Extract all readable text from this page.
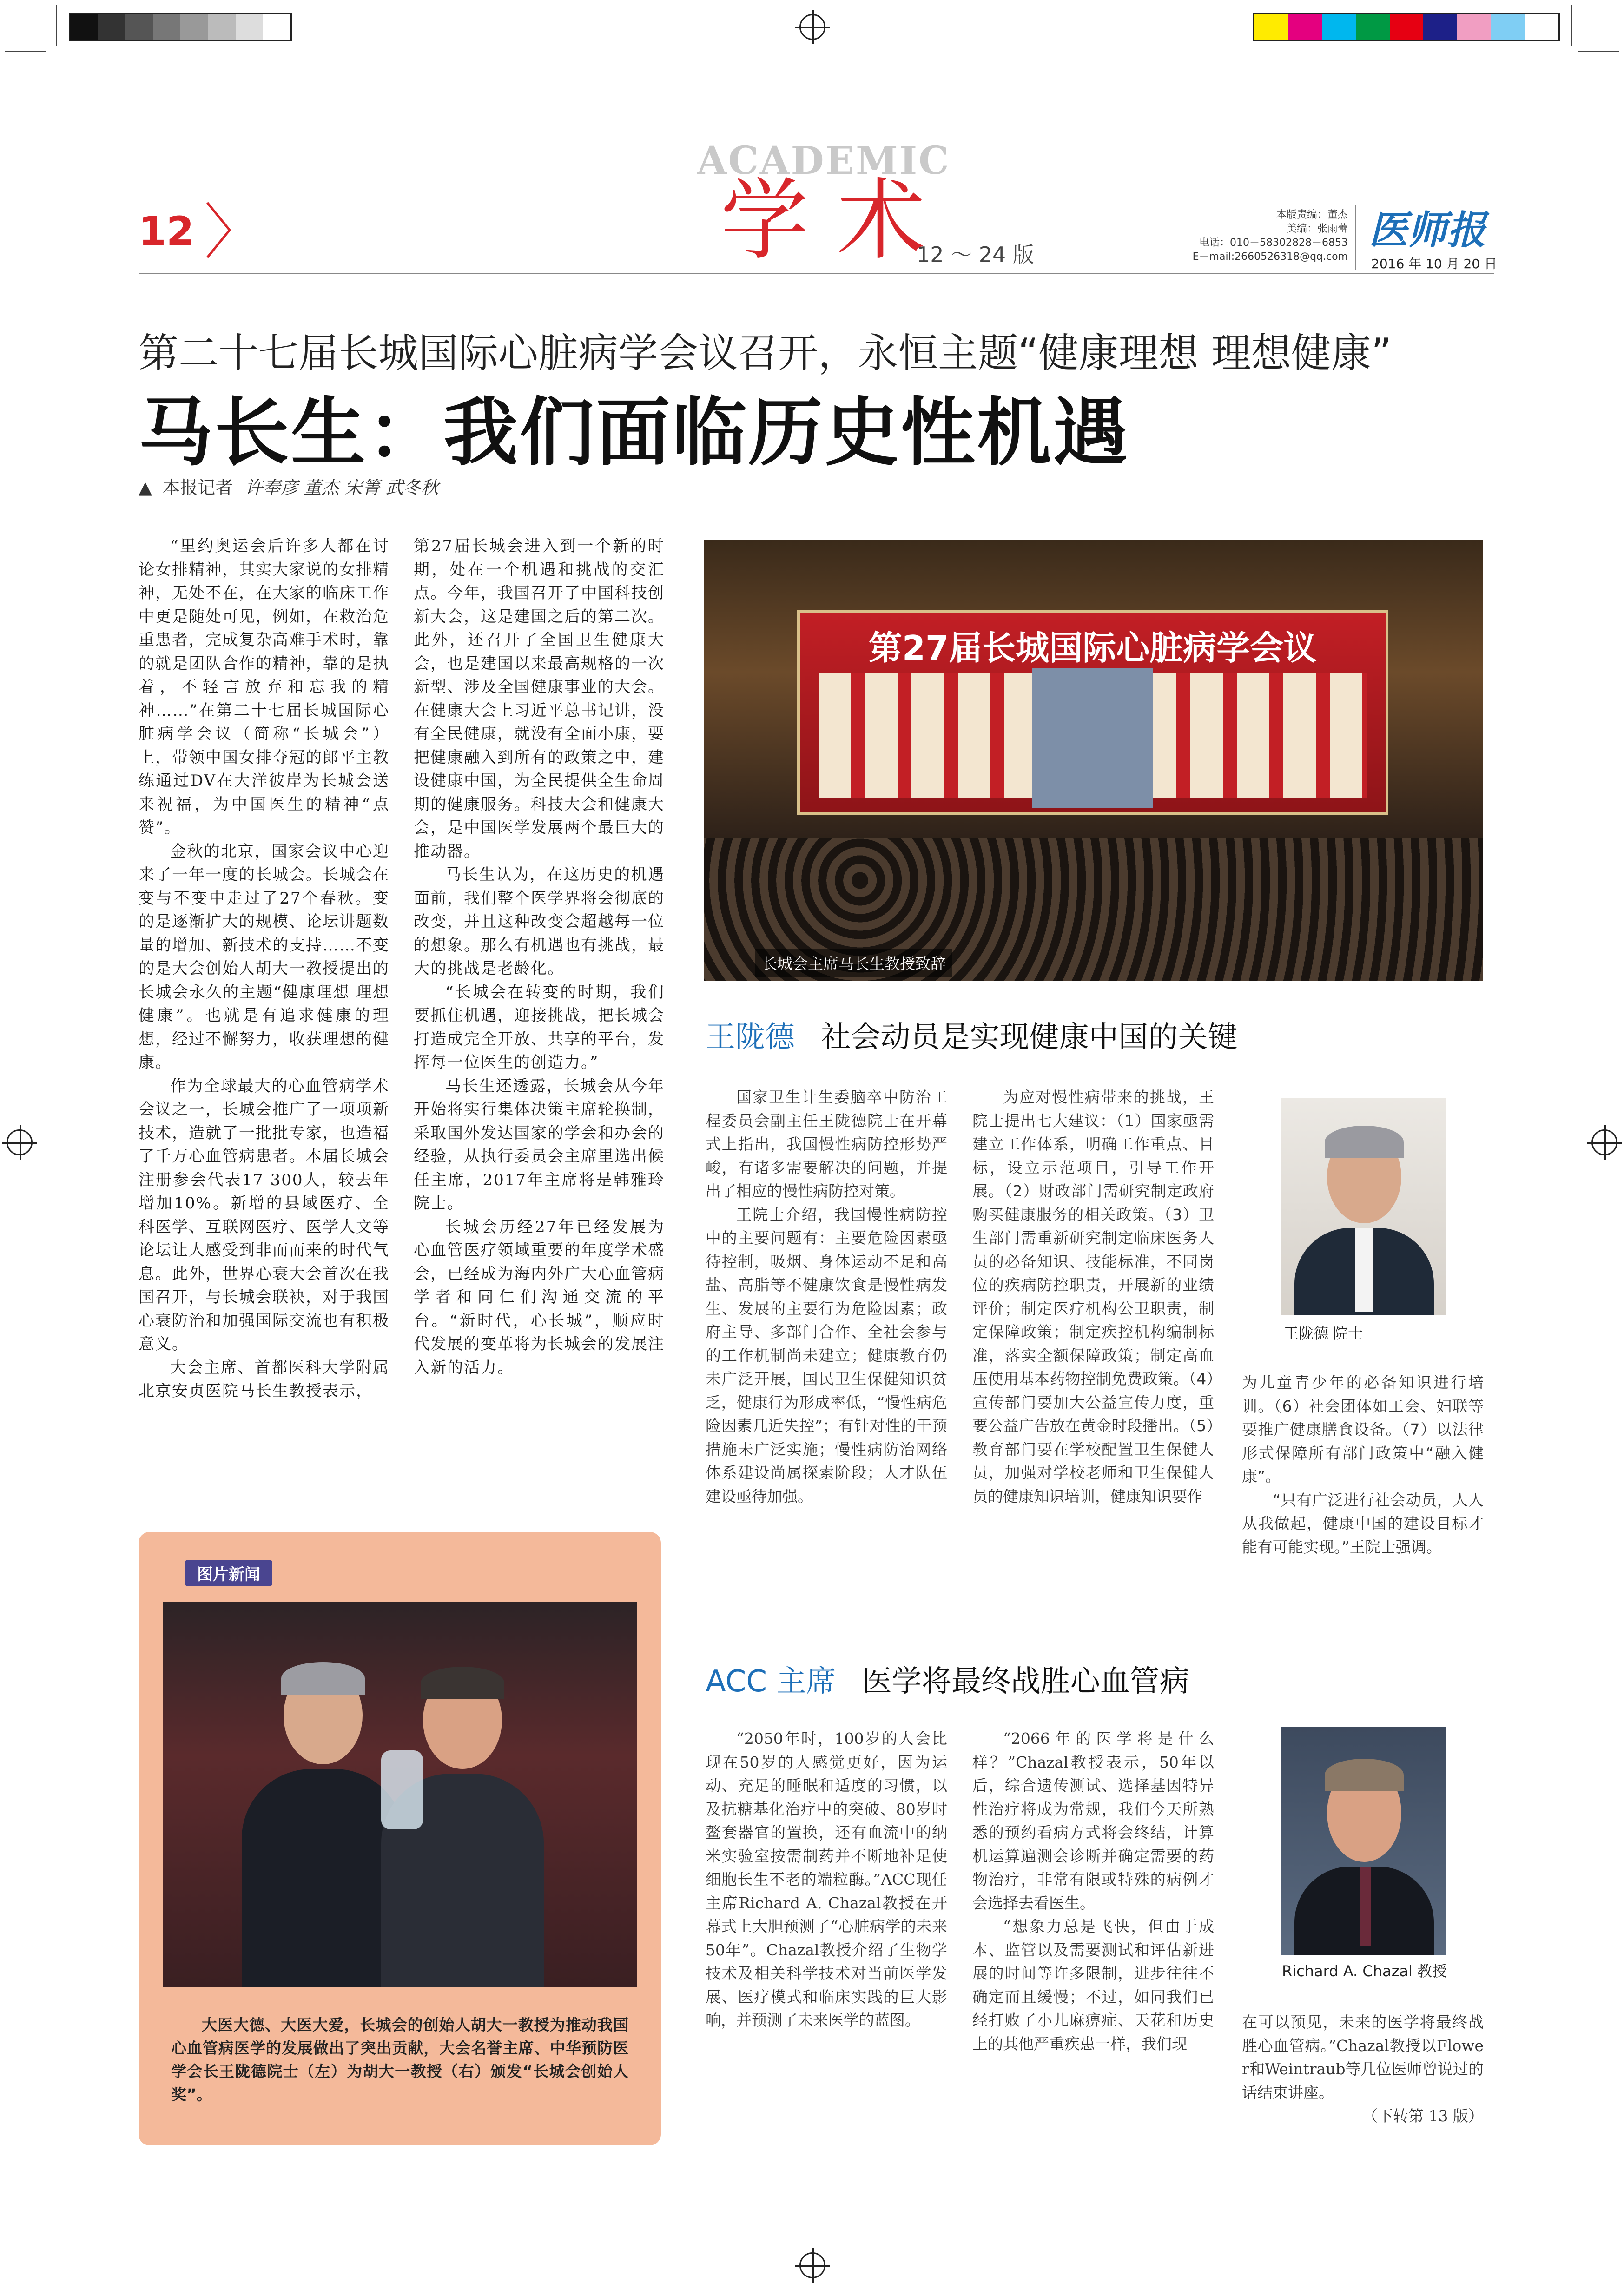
12
ACADEMIC
学 术
12 ～ 24 版
本版责编：董杰
美编：张雨蕾
电话：010－58302828－6853
E－mail:2660526318@qq.com
医师报
2016 年 10 月 20 日
第二十七届长城国际心脏病学会议召开，永恒主题“健康理想 理想健康”
马长生：我们面临历史性机遇
▲ 本报记者 许奉彦 董杰 宋箐 武冬秋

“里约奥运会后许多人都在讨论女排精神，其实大家说的女排精神，无处不在，在大家的临床工作中更是随处可见，例如，在救治危重患者，完成复杂高难手术时，靠的就是团队合作的精神，靠的是执着，不轻言放弃和忘我的精神……”在第二十七届长城国际心脏病学会议（简称“长城会”）上，带领中国女排夺冠的郎平主教练通过DV在大洋彼岸为长城会送来祝福，为中国医生的精神“点赞”。

金秋的北京，国家会议中心迎来了一年一度的长城会。长城会在变与不变中走过了27个春秋。变的是逐渐扩大的规模、论坛讲题数量的增加、新技术的支持……不变的是大会创始人胡大一教授提出的长城会永久的主题“健康理想 理想健康”。也就是有追求健康的理想，经过不懈努力，收获理想的健康。

作为全球最大的心血管病学术会议之一，长城会推广了一项项新技术，造就了一批批专家，也造福了千万心血管病患者。本届长城会注册参会代表17 300人，较去年增加10%。新增的县域医疗、全科医学、互联网医疗、医学人文等论坛让人感受到非而而来的时代气息。此外，世界心衰大会首次在我国召开，与长城会联袂，对于我国心衰防治和加强国际交流也有积极意义。

大会主席、首都医科大学附属北京安贞医院马长生教授表示，

第27届长城会进入到一个新的时期，处在一个机遇和挑战的交汇点。今年，我国召开了中国科技创新大会，这是建国之后的第二次。此外，还召开了全国卫生健康大会，也是建国以来最高规格的一次新型、涉及全国健康事业的大会。在健康大会上习近平总书记讲，没有全民健康，就没有全面小康，要把健康融入到所有的政策之中，建设健康中国，为全民提供全生命周期的健康服务。科技大会和健康大会，是中国医学发展两个最巨大的推动器。

马长生认为，在这历史的机遇面前，我们整个医学界将会彻底的改变，并且这种改变会超越每一位的想象。那么有机遇也有挑战，最大的挑战是老龄化。

“长城会在转变的时期，我们要抓住机遇，迎接挑战，把长城会打造成完全开放、共享的平台，发挥每一位医生的创造力。”

马长生还透露，长城会从今年开始将实行集体决策主席轮换制，采取国外发达国家的学会和办会的经验，从执行委员会主席里选出候任主席，2017年主席将是韩雅玲院士。

长城会历经27年已经发展为心血管医疗领域重要的年度学术盛会，已经成为海内外广大心血管病学者和同仁们沟通交流的平台。“新时代，心长城”，顺应时代发展的变革将为长城会的发展注入新的活力。

第27届长城国际心脏病学会议
长城会主席马长生教授致辞
王陇德 社会动员是实现健康中国的关键

国家卫生计生委脑卒中防治工程委员会副主任王陇德院士在开幕式上指出，我国慢性病防控形势严峻，有诸多需要解决的问题，并提出了相应的慢性病防控对策。

王院士介绍，我国慢性病防控中的主要问题有：主要危险因素亟待控制，吸烟、身体运动不足和高盐、高脂等不健康饮食是慢性病发生、发展的主要行为危险因素；政府主导、多部门合作、全社会参与的工作机制尚未建立；健康教育仍未广泛开展，国民卫生保健知识贫乏，健康行为形成率低，“慢性病危险因素几近失控”；有针对性的干预措施未广泛实施；慢性病防治网络体系建设尚属探索阶段；人才队伍建设亟待加强。

为应对慢性病带来的挑战，王院士提出七大建议：（1）国家亟需建立工作体系，明确工作重点、目标，设立示范项目，引导工作开展。（2）财政部门需研究制定政府购买健康服务的相关政策。（3）卫生部门需重新研究制定临床医务人员的必备知识、技能标准，不同岗位的疾病防控职责，开展新的业绩评价；制定医疗机构公卫职责，制定保障政策；制定疾控机构编制标准，落实全额保障政策；制定高血压使用基本药物控制免费政策。（4）宣传部门要加大公益宣传力度，重要公益广告放在黄金时段播出。（5）教育部门要在学校配置卫生保健人员，加强对学校老师和卫生保健人员的健康知识培训，健康知识要作

王陇德 院士

为儿童青少年的必备知识进行培训。（6）社会团体如工会、妇联等要推广健康膳食设备。（7）以法律形式保障所有部门政策中“融入健康”。

“只有广泛进行社会动员，人人从我做起，健康中国的建设目标才能有可能实现。”王院士强调。

ACC 主席 医学将最终战胜心血管病

“2050年时，100岁的人会比现在50岁的人感觉更好，因为运动、充足的睡眠和适度的习惯，以及抗糖基化治疗中的突破、80岁时鳌套器官的置换，还有血流中的纳米实验室按需制药并不断地补足使细胞长生不老的端粒酶。”ACC现任主席Richard A. Chazal教授在开幕式上大胆预测了“心脏病学的未来50年”。Chazal教授介绍了生物学技术及相关科学技术对当前医学发展、医疗模式和临床实践的巨大影响，并预测了未来医学的蓝图。

“2066年的医学将是什么样？”Chazal教授表示，50年以后，综合遗传测试、选择基因特异性治疗将成为常规，我们今天所熟悉的预约看病方式将会终结，计算机运算遍测会诊断并确定需要的药物治疗，非常有限或特殊的病例才会选择去看医生。

“想象力总是飞快，但由于成本、监管以及需要测试和评估新进展的时间等许多限制，进步往往不确定而且缓慢；不过，如同我们已经打败了小儿麻痹症、天花和历史上的其他严重疾患一样，我们现

Richard A. Chazal 教授

在可以预见，未来的医学将最终战胜心血管病。”Chazal教授以Flower和Weintraub等几位医师曾说过的话结束讲座。

（下转第 13 版）

图片新闻
大医大德、大医大爱，长城会的创始人胡大一教授为推动我国心血管病医学的发展做出了突出贡献，大会名誉主席、中华预防医学会长王陇德院士（左）为胡大一教授（右）颁发“长城会创始人奖”。
